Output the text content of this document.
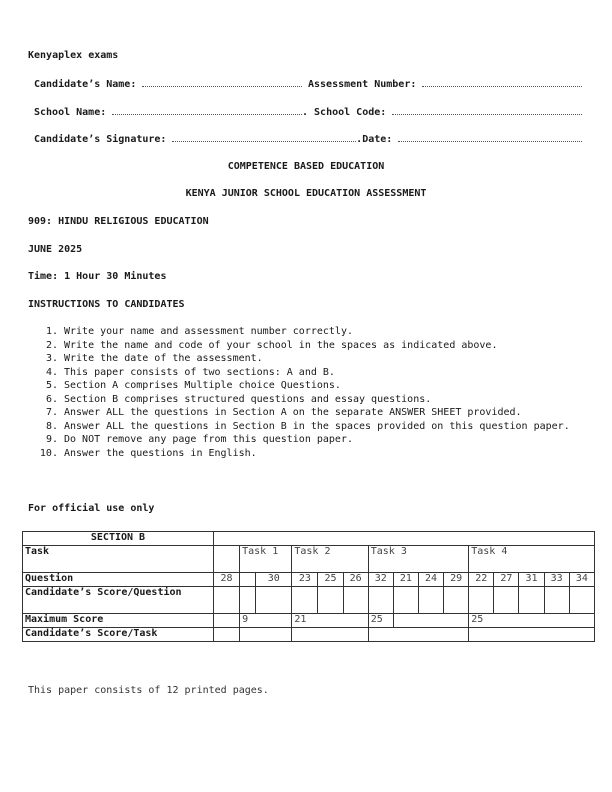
Kenyaplex exams
Candidate’s Name:	Assessment Number:
School Name:	. School Code:
Candidate’s Signature:	.Date:
COMPETENCE BASED EDUCATION
KENYA JUNIOR SCHOOL EDUCATION ASSESSMENT
909: HINDU RELIGIOUS EDUCATION
JUNE 2025
Time: 1 Hour 30 Minutes
INSTRUCTIONS TO CANDIDATES
1. Write your name and assessment number correctly.
2. Write the name and code of your school in the spaces as indicated above.
3. Write the date of the assessment.
4. This paper consists of two sections: A and B.
5. Section A comprises Multiple choice Questions.
6. Section B comprises structured questions and essay questions.
7. Answer ALL the questions in Section A on the separate ANSWER SHEET provided.
8. Answer ALL the questions in Section B in the spaces provided on this question paper.
9. Do NOT remove any page from this question paper.
10. Answer the questions in English.
For official use only
SECTION B															
Task		Task 1		Task 2			Task 3				Task 4				
Question	28		30	23	25	26	32	21	24	29	22	27	31	33	34
Candidate’s Score/Question															
Maximum Score		9		21			25				25				
Candidate’s Score/Task															
This paper consists of 12 printed pages.
